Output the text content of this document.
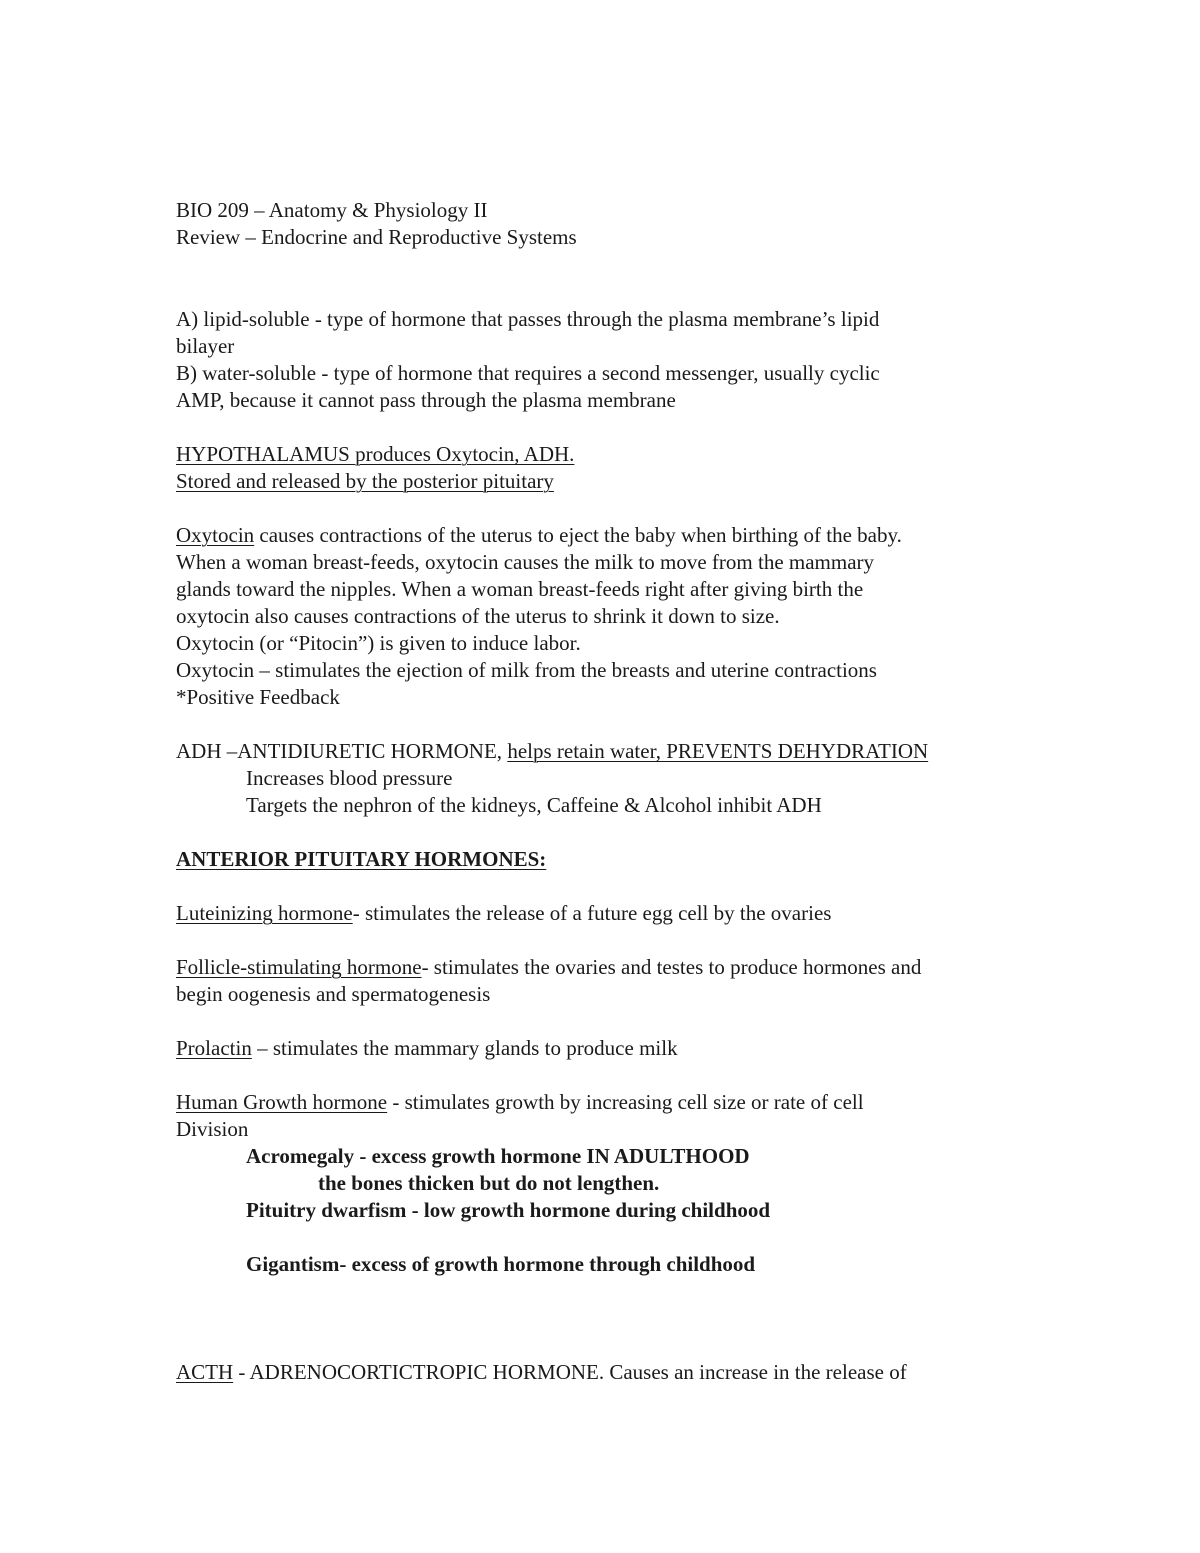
BIO 209 – Anatomy & Physiology II
Review – Endocrine and Reproductive Systems
A) lipid-soluble - type of hormone that passes through the plasma membrane’s lipid
bilayer
B) water-soluble - type of hormone that requires a second messenger, usually cyclic
AMP, because it cannot pass through the plasma membrane
HYPOTHALAMUS produces Oxytocin, ADH.
Stored and released by the posterior pituitary
Oxytocin causes contractions of the uterus to eject the baby when birthing of the baby.
When a woman breast-feeds, oxytocin causes the milk to move from the mammary
glands toward the nipples. When a woman breast-feeds right after giving birth the
oxytocin also causes contractions of the uterus to shrink it down to size.
Oxytocin (or “Pitocin”) is given to induce labor.
Oxytocin – stimulates the ejection of milk from the breasts and uterine contractions
*Positive Feedback
ADH –ANTIDIURETIC HORMONE, helps retain water, PREVENTS DEHYDRATION
Increases blood pressure
Targets the nephron of the kidneys, Caffeine & Alcohol inhibit ADH
ANTERIOR PITUITARY HORMONES:
Luteinizing hormone- stimulates the release of a future egg cell by the ovaries
Follicle-stimulating hormone- stimulates the ovaries and testes to produce hormones and
begin oogenesis and spermatogenesis
Prolactin – stimulates the mammary glands to produce milk
Human Growth hormone - stimulates growth by increasing cell size or rate of cell
Division
Acromegaly - excess growth hormone IN ADULTHOOD
the bones thicken but do not lengthen.
Pituitry dwarfism - low growth hormone during childhood
Gigantism- excess of growth hormone through childhood
ACTH - ADRENOCORTICTROPIC HORMONE. Causes an increase in the release of
